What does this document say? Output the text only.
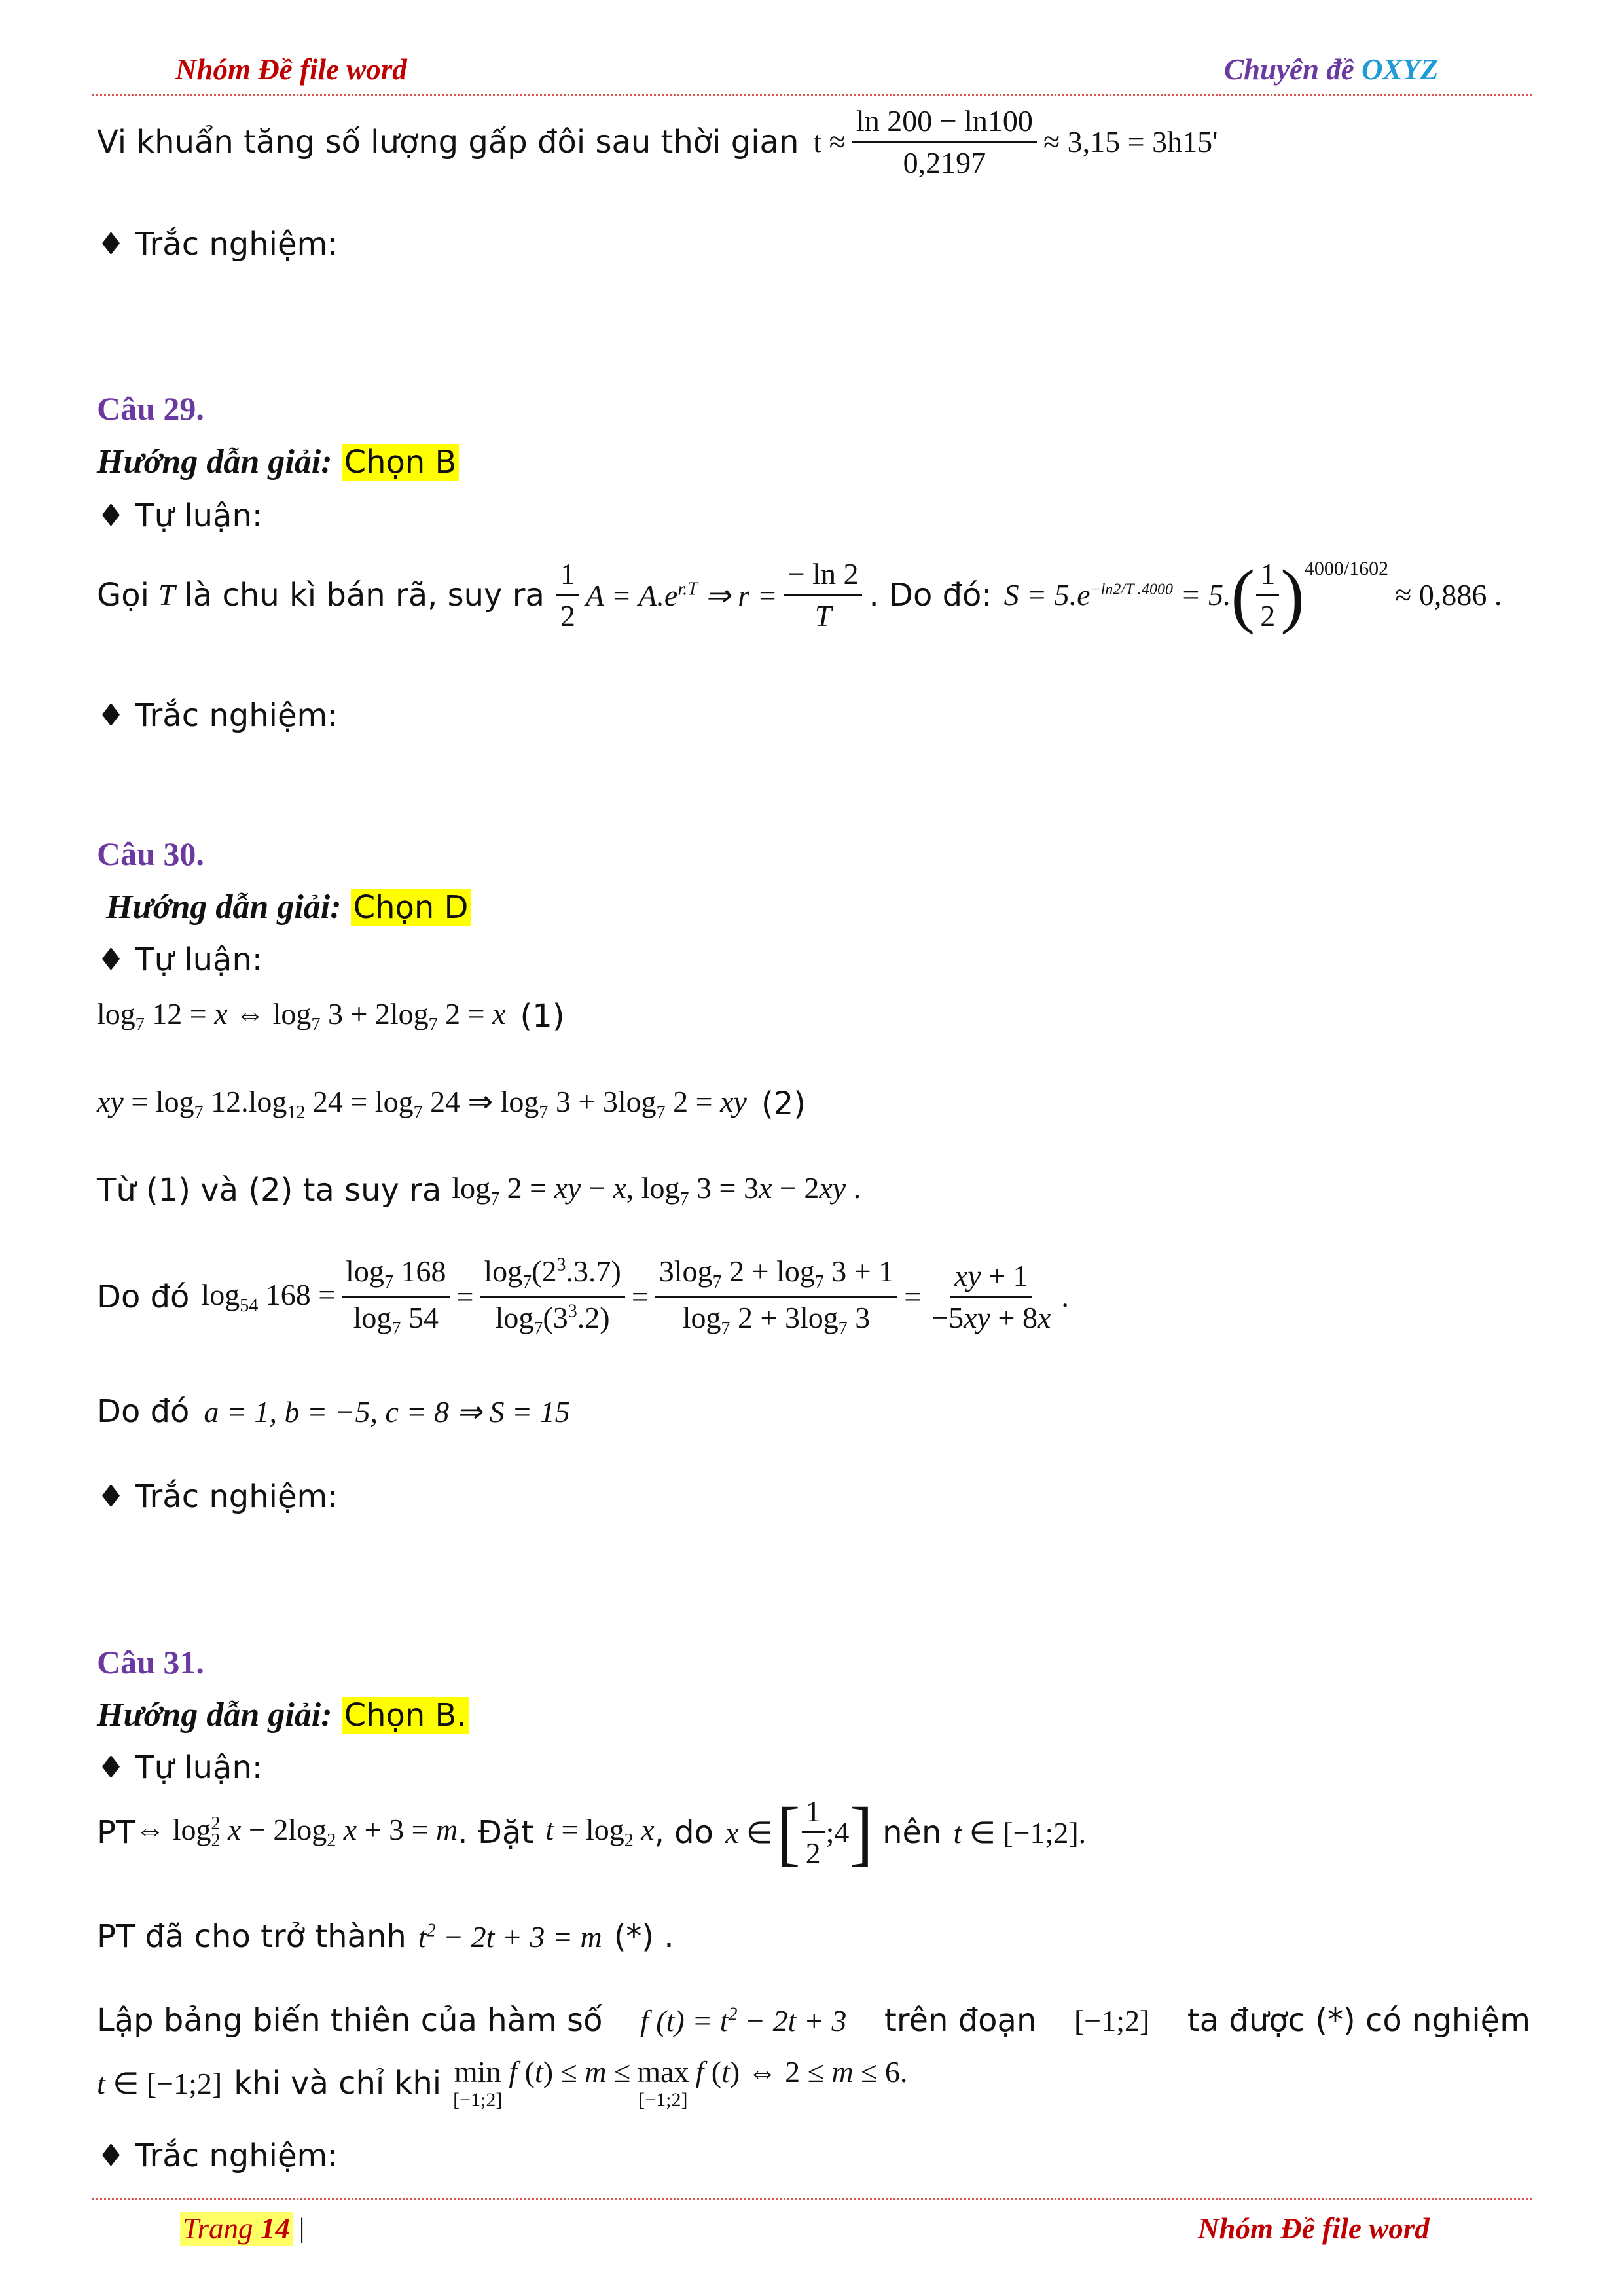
Nhóm Đề file word	Chuyên đề OXYZ
Vi khuẩn tăng số lượng gấp đôi sau thời gian $t \approx \frac{\ln 200 - \ln 100}{0,2197} \approx 3,15 = 3h15'$
♦ Trắc nghiệm:
Câu 29.
Hướng dẫn giải: Chọn B
♦ Tự luận:
Gọi T là chu kì bán rã, suy ra $\frac{1}{2}$ $A = A.e^{r.T}$ ⇒ $r = \frac{- \ln 2}{T}$ . Do đó: $S = 5.e^{-ln2/T .4000} = 5$. ( $\frac{1}{2}$ ) 4000/1602
≈ 0,886 .
♦ Trắc nghiệm:
Câu 30.
Hướng dẫn giải: Chọn D
♦ Tự luận:
$\log_7 12 = x$ ⇔ $\log_7 3 + 2\log_7$ 2 = x (1)
xy = $\log_7 12.\log_{12}$ $24 = \log_7 24$ ⇒ $\log_7 3 + 3\log_7$ 2 = xy (2)
Từ (1) và (2) ta suy ra $\log_7 2$ = xy − x, $\log_7 3 = 3x - 2xy$ .
Do đó $\log_{54} 168 = \frac{\log_7 168}{\log_7 54} = \frac{\log_7(2^3.3.7)}{\log_7(3^3.2)} = \frac{3\log_7 2 + \log_7 3 + 1}{\log_7 2 + 3\log_7 3} = \frac{xy + 1}{-5xy + 8x}$ .
Do đó a = 1, b = −5, c = 8 ⇒ S = 15
♦ Trắc nghiệm:
Câu 31.
Hướng dẫn giải: Chọn B.
♦ Tự luận:
PT ⇔ $\log_2^2 x - 2\log_2$ x + 3 = m . Đặt $t = \log_2 x$ , do x ∈ [ $\frac{1}{2}$ ;4 ] nên t ∈ [−1;2].
PT đã cho trở thành $t^2 - 2t + 3 = m$ (*) .
Lập bảng biến thiên của hàm số f $(t) = t^2 - 2t + 3$ trên đoạn [−1;2] ta được (*) có nghiệm
t ∈ [−1;2] khi và chỉ khi min
[−1;2]
f (t) ≤ m ≤ max
[−1;2]
f (t) ⇔ 2 ≤ m ≤ 6.
♦ Trắc nghiệm:
Trang 14 |	Nhóm Đề file word
